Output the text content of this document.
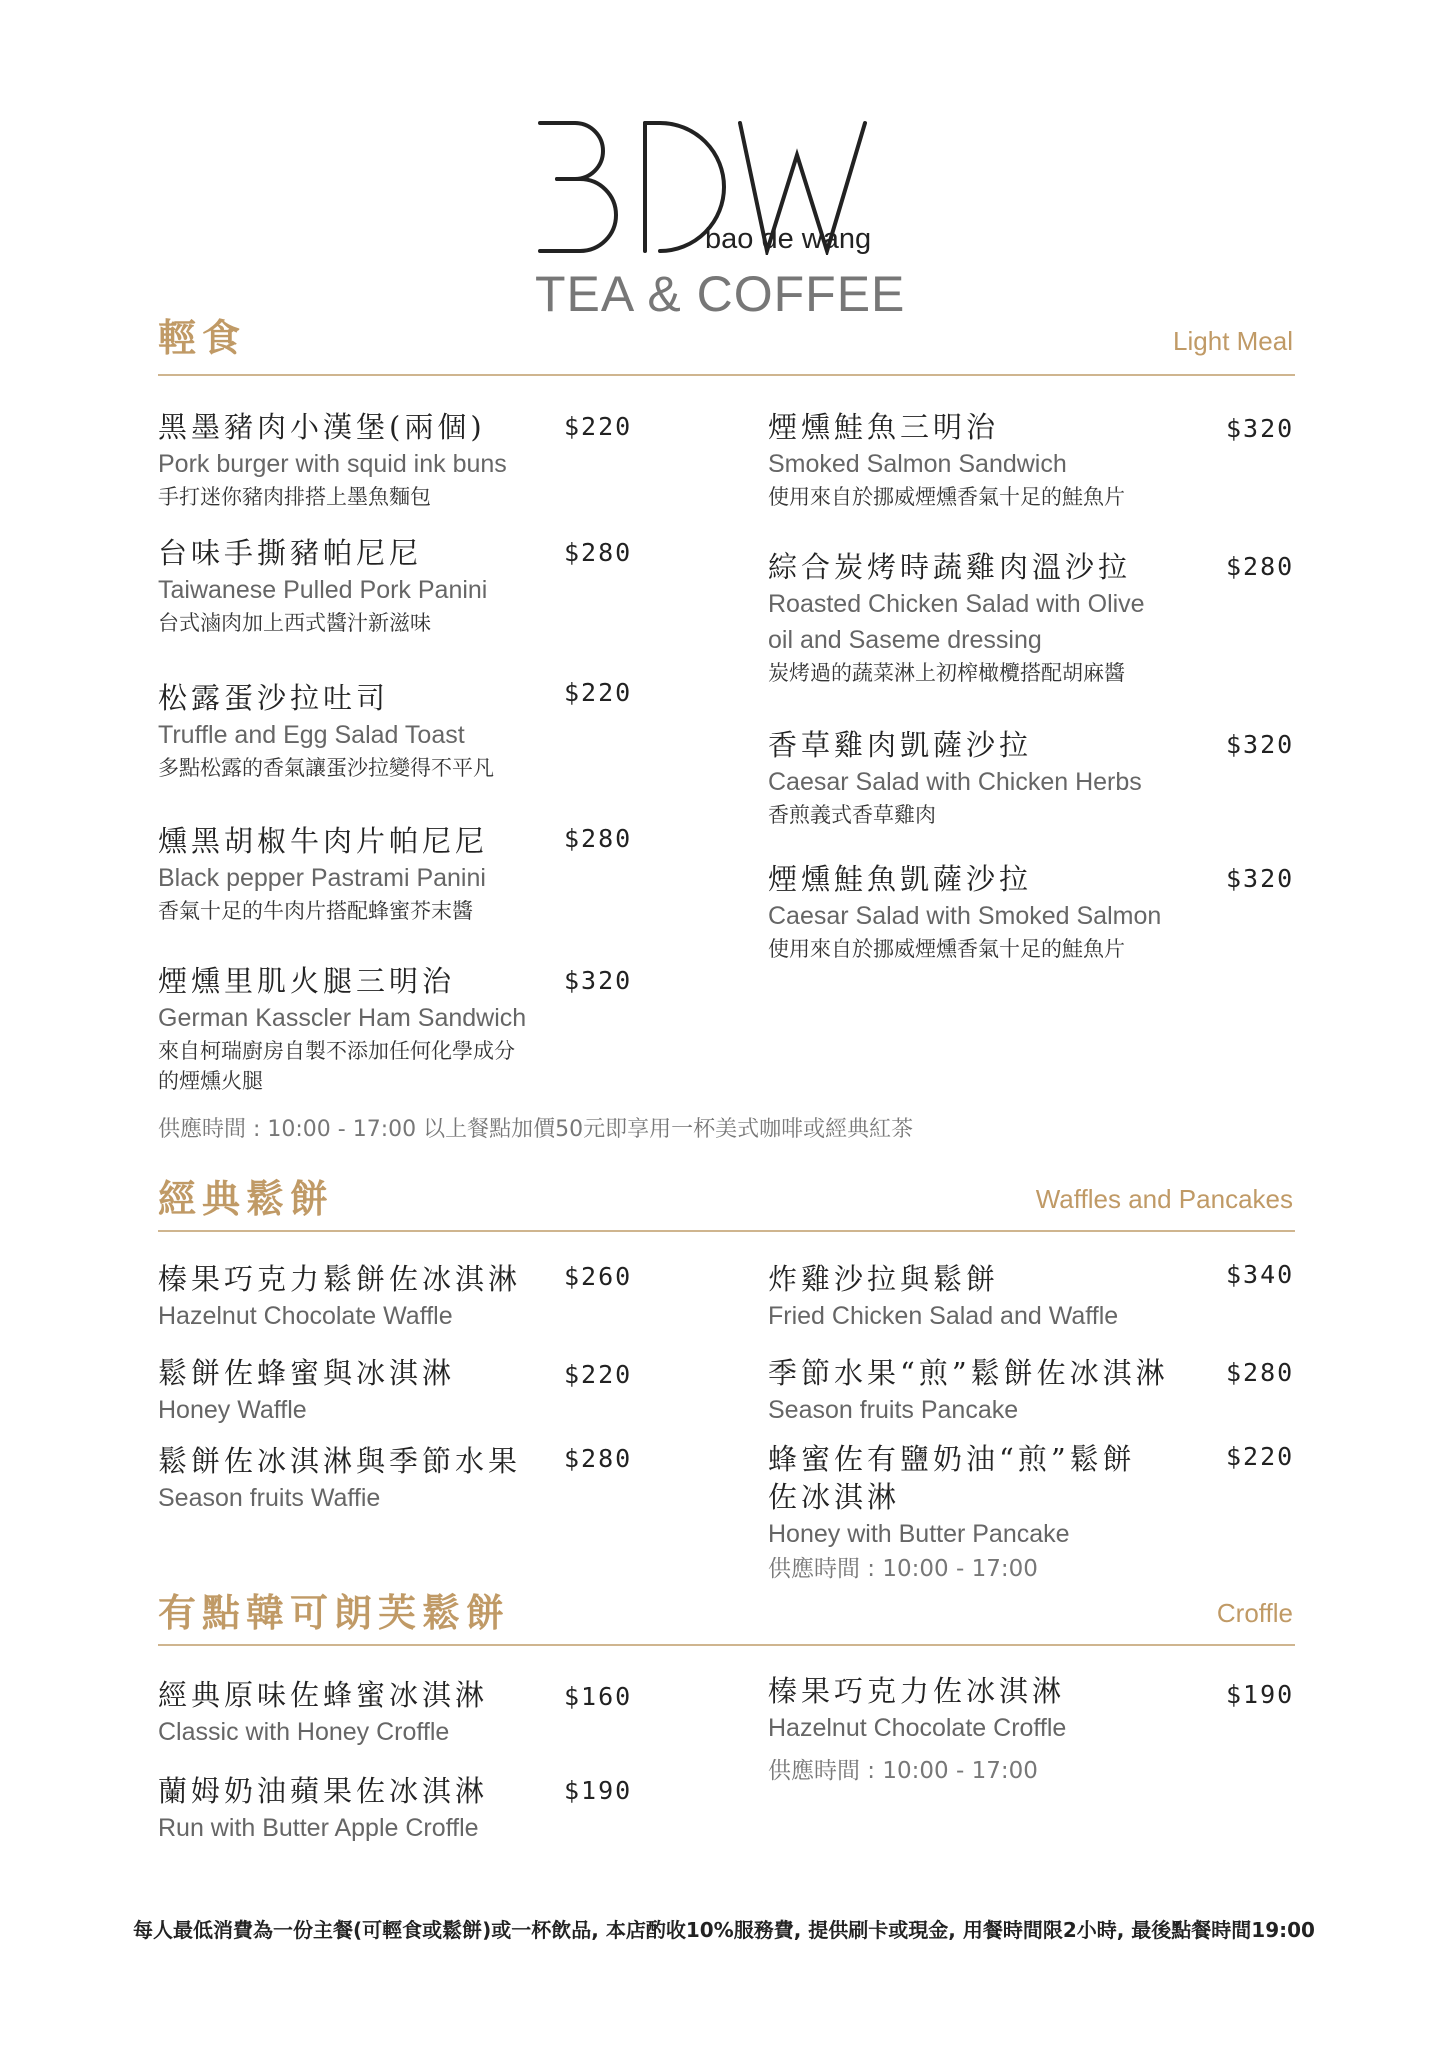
bao de wang
TEA & COFFEE
輕食	Light Meal
黑墨豬肉小漢堡(兩個)
Pork burger with squid ink buns
手打迷你豬肉排搭上墨魚麵包
$220
台味手撕豬帕尼尼
Taiwanese Pulled Pork Panini
台式滷肉加上西式醬汁新滋味
$280
松露蛋沙拉吐司
Truffle and Egg Salad Toast
多點松露的香氣讓蛋沙拉變得不平凡
$220
燻黑胡椒牛肉片帕尼尼
Black pepper Pastrami Panini
香氣十足的牛肉片搭配蜂蜜芥末醬
$280
煙燻里肌火腿三明治
German Kasscler Ham Sandwich
來自柯瑞廚房自製不添加任何化學成分
的煙燻火腿
$320
煙燻鮭魚三明治
Smoked Salmon Sandwich
使用來自於挪威煙燻香氣十足的鮭魚片
$320
綜合炭烤時蔬雞肉溫沙拉
Roasted Chicken Salad with Olive
oil and Saseme dressing
炭烤過的蔬菜淋上初榨橄欖搭配胡麻醬
$280
香草雞肉凱薩沙拉
Caesar Salad with Chicken Herbs
香煎義式香草雞肉
$320
煙燻鮭魚凱薩沙拉
Caesar Salad with Smoked Salmon
使用來自於挪威煙燻香氣十足的鮭魚片
$320
供應時間 : 10:00 - 17:00 以上餐點加價50元即享用一杯美式咖啡或經典紅茶
經典鬆餅	Waffles and Pancakes
榛果巧克力鬆餅佐冰淇淋
Hazelnut Chocolate Waffle
$260
鬆餅佐蜂蜜與冰淇淋
Honey Waffle
$220
鬆餅佐冰淇淋與季節水果
Season fruits Waffie
$280
炸雞沙拉與鬆餅
Fried Chicken Salad and Waffle
$340
季節水果“煎”鬆餅佐冰淇淋
Season fruits Pancake
$280
蜂蜜佐有鹽奶油“煎”鬆餅
佐冰淇淋
Honey with Butter Pancake
供應時間 : 10:00 - 17:00
$220
有點韓可朗芙鬆餅	Croffle
經典原味佐蜂蜜冰淇淋
Classic with Honey Croffle
$160
蘭姆奶油蘋果佐冰淇淋
Run with Butter Apple Croffle
$190
榛果巧克力佐冰淇淋
Hazelnut Chocolate Croffle
供應時間 : 10:00 - 17:00
$190
每人最低消費為一份主餐(可輕食或鬆餅)或一杯飲品, 本店酌收10%服務費, 提供刷卡或現金, 用餐時間限2小時, 最後點餐時間19:00
